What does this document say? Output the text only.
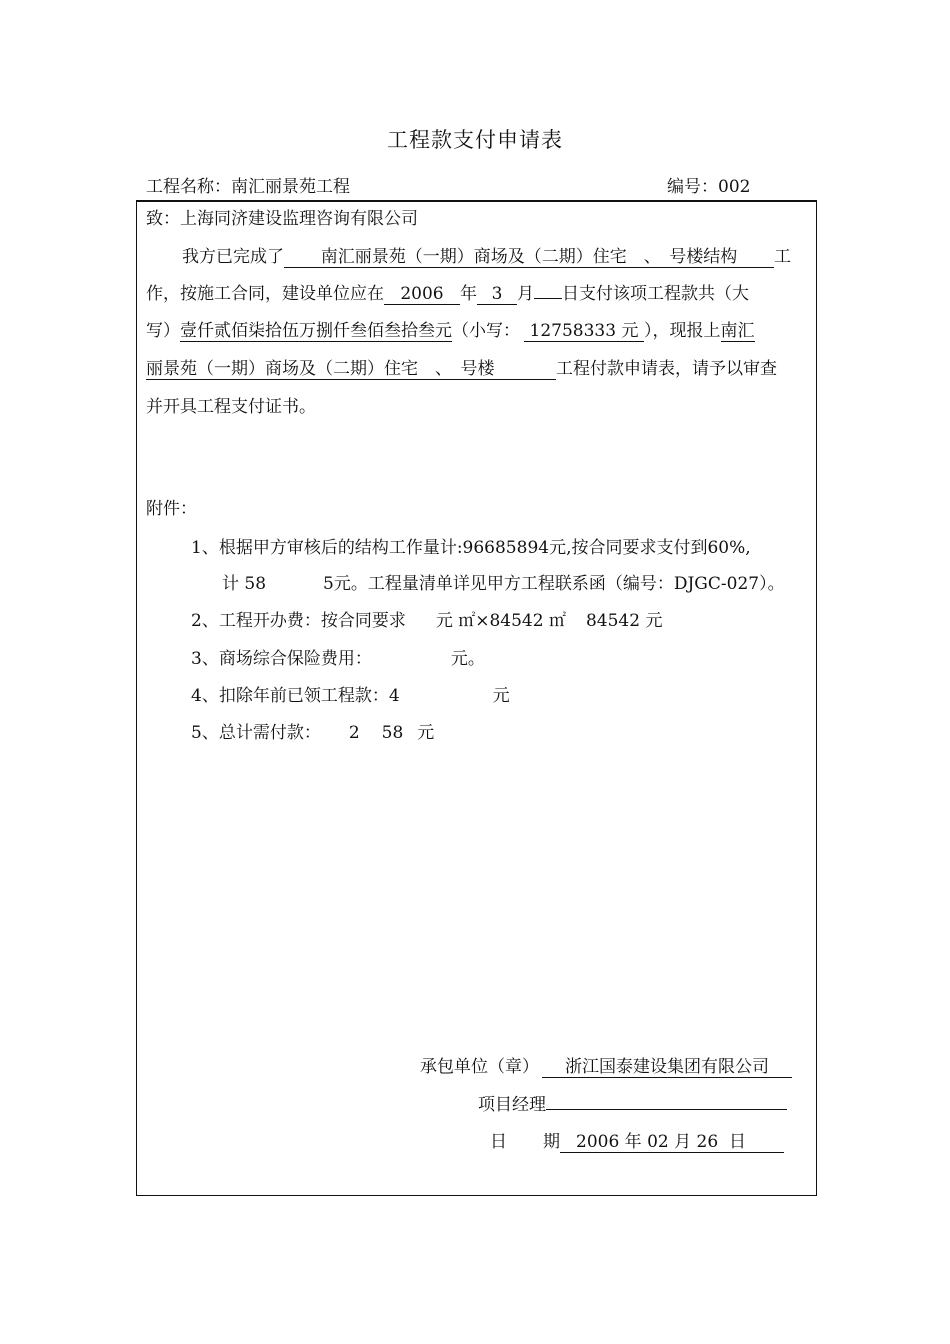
工程款支付申请表
工程名称：南汇丽景苑工程	编号：002
致：上海同济建设监理咨询有限公司
我方已完成了 南汇丽景苑（一期）商场及（二期）住宅　、　号楼结构 工
作，按施工合同，建设单位应在 2006 年 3 月 日支付该项工程款共（大
写）壹仟贰佰柒拾伍万捌仟叁佰叁拾叁元（小写： 12758333 元 ），现报上南汇
丽景苑（一期）商场及（二期）住宅　、　号楼	工程付款申请表，请予以审查
并开具工程支付证书。
附件：
1、根据甲方审核后的结构工作量计:96685894元,按合同要求支付到60%,
计 58	5元。工程量清单详见甲方工程联系函（编号：DJGC-027）。
2、工程开办费：按合同要求 元 ㎡×84542 ㎡ 84542 元
3、商场综合保险费用：	元。
4、扣除年前已领工程款：4	元
5、总计需付款： 2 58 元
承包单位（章） 浙江国泰建设集团有限公司
项目经理
日 期 2006 年 02 月 26 日
